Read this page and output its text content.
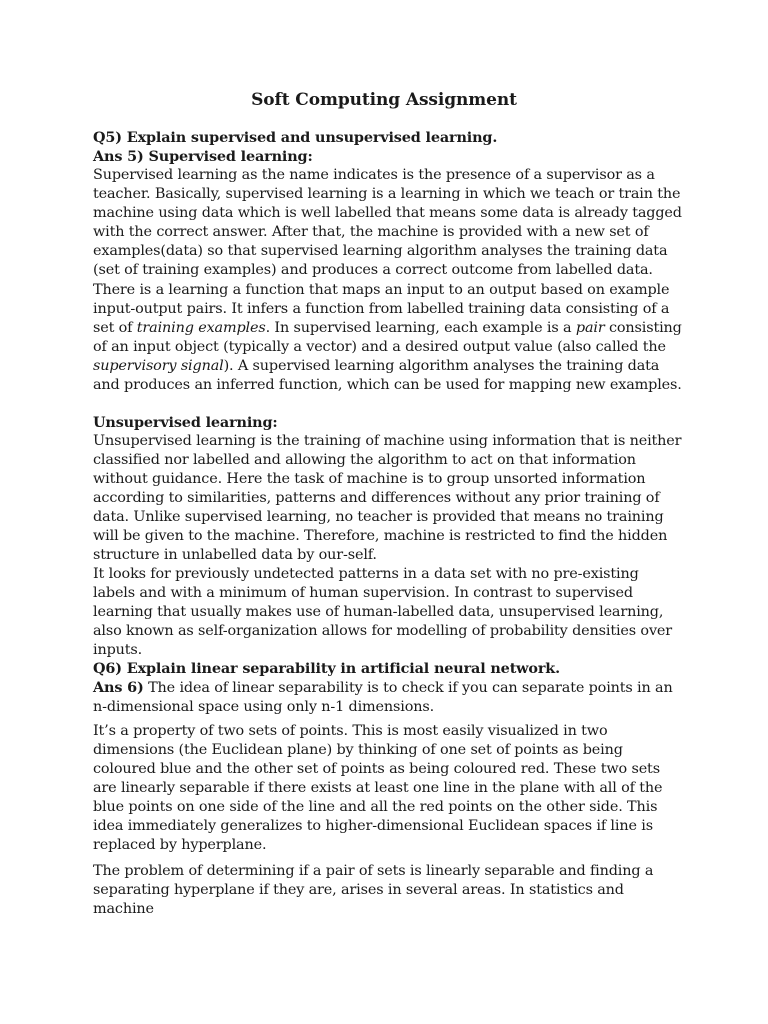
Soft Computing Assignment

Q5) Explain supervised and unsupervised learning.

Ans 5) Supervised learning:

Supervised learning as the name indicates is the presence of a supervisor as a teacher. Basically, supervised learning is a learning in which we teach or train the machine using data which is well labelled that means some data is already tagged with the correct answer. After that, the machine is provided with a new set of examples(data) so that supervised learning algorithm analyses the training data (set of training examples) and produces a correct outcome from labelled data.

There is a learning a function that maps an input to an output based on example input-output pairs. It infers a function from labelled training data consisting of a set of training examples. In supervised learning, each example is a pair consisting of an input object (typically a vector) and a desired output value (also called the supervisory signal). A supervised learning algorithm analyses the training data and produces an inferred function, which can be used for mapping new examples.

Unsupervised learning:

Unsupervised learning is the training of machine using information that is neither classified nor labelled and allowing the algorithm to act on that information without guidance. Here the task of machine is to group unsorted information according to similarities, patterns and differences without any prior training of data. Unlike supervised learning, no teacher is provided that means no training will be given to the machine. Therefore, machine is restricted to find the hidden structure in unlabelled data by our-self.

It looks for previously undetected patterns in a data set with no pre-existing labels and with a minimum of human supervision. In contrast to supervised learning that usually makes use of human-labelled data, unsupervised learning, also known as self-organization allows for modelling of probability densities over inputs.

Q6) Explain linear separability in artificial neural network.

Ans 6) The idea of linear separability is to check if you can separate points in an n-dimensional space using only n-1 dimensions.

It’s a property of two sets of points. This is most easily visualized in two dimensions (the Euclidean plane) by thinking of one set of points as being coloured blue and the other set of points as being coloured red. These two sets are linearly separable if there exists at least one line in the plane with all of the blue points on one side of the line and all the red points on the other side. This idea immediately generalizes to higher-dimensional Euclidean spaces if line is replaced by hyperplane.

The problem of determining if a pair of sets is linearly separable and finding a separating hyperplane if they are, arises in several areas. In statistics and machine
